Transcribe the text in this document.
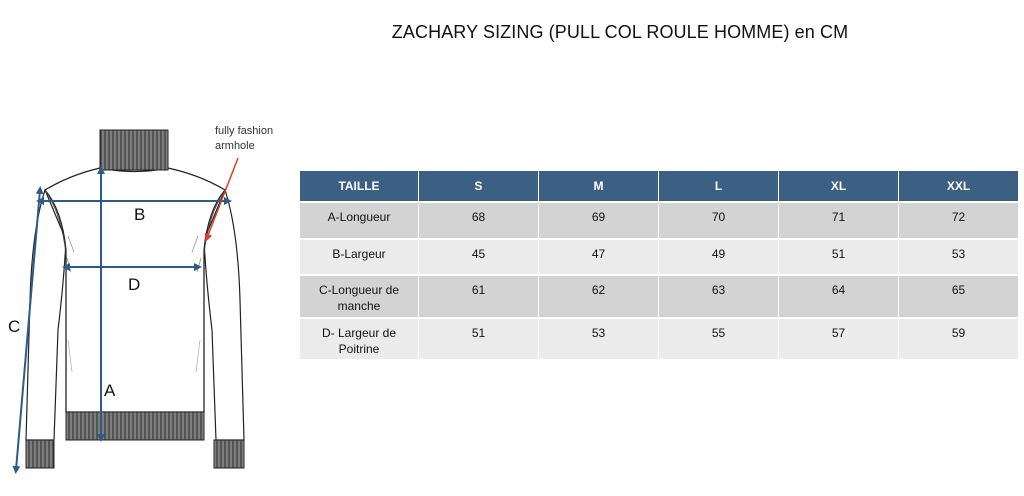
ZACHARY SIZING (PULL COL ROULE HOMME) en CM
B
D
A
C
fully fashion
armhole
TAILLE	S	M	L	XL	XXL
A-Longueur	68	69	70	71	72
B-Largeur	45	47	49	51	53
C-Longueur de manche	61	62	63	64	65
D- Largeur de Poitrine	51	53	55	57	59
